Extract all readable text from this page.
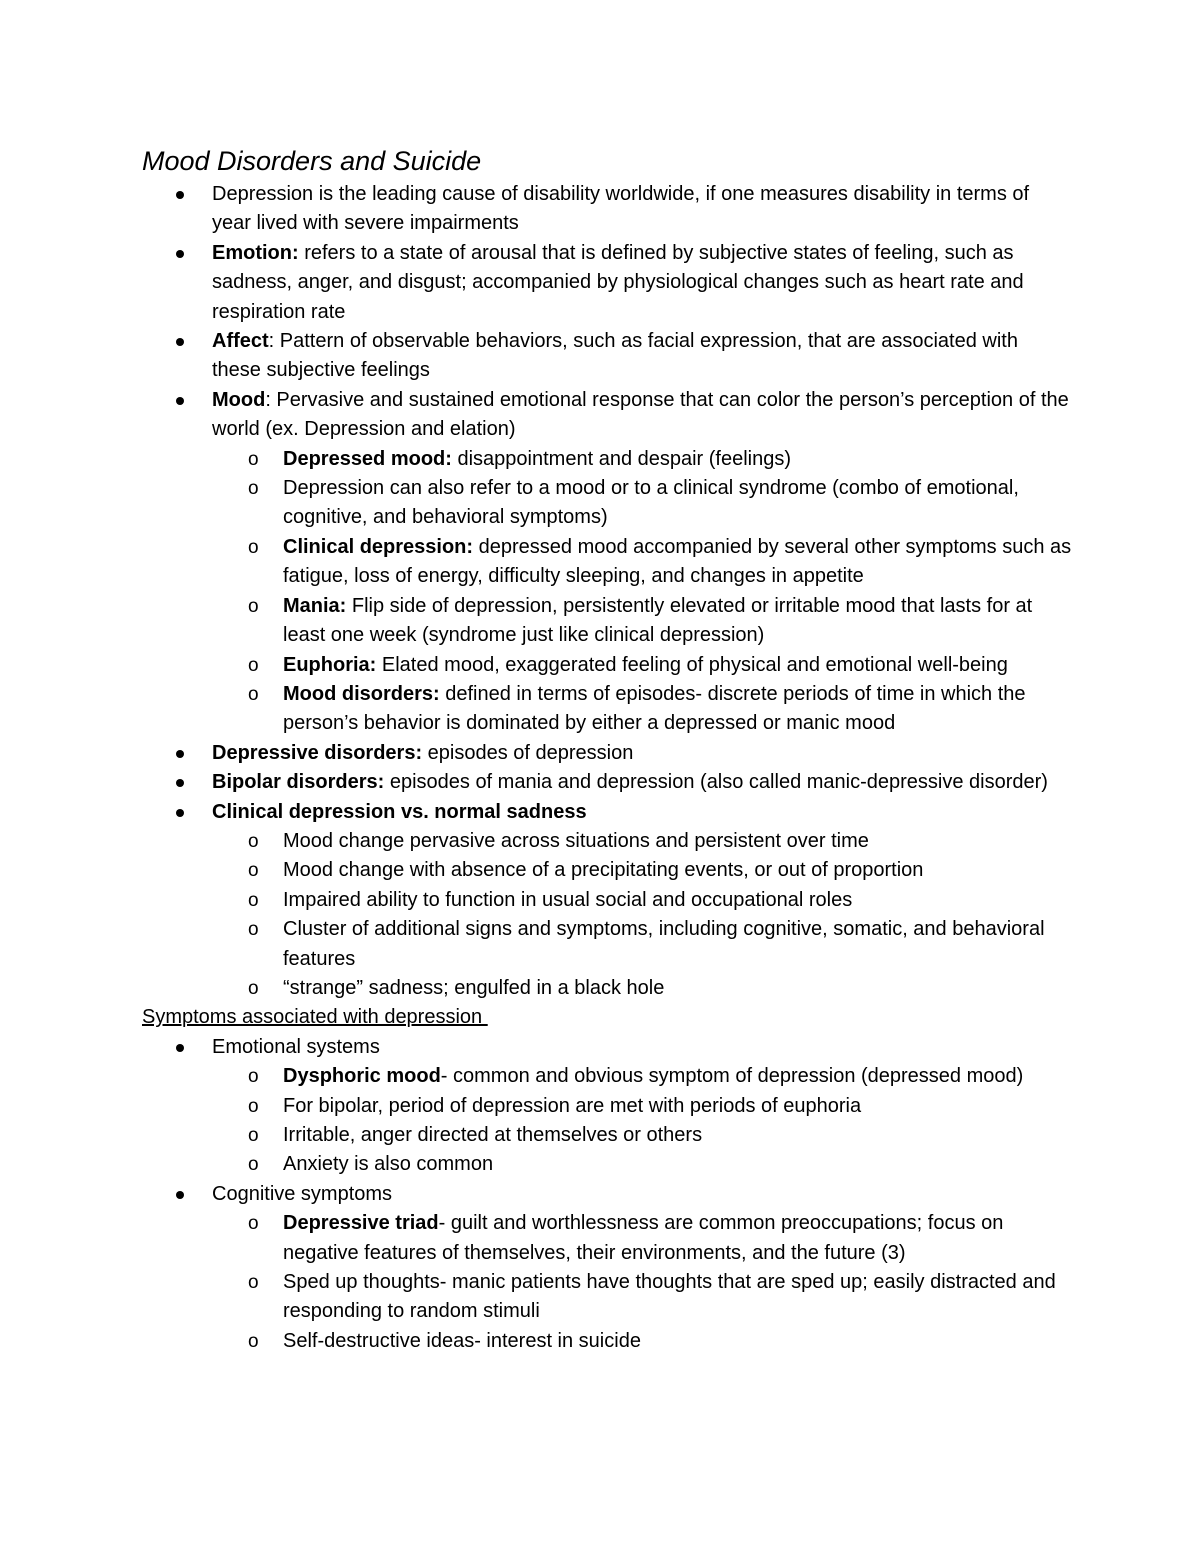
Mood Disorders and Suicide
Depression is the leading cause of disability worldwide, if one measures disability in terms of year lived with severe impairments
Emotion: refers to a state of arousal that is defined by subjective states of feeling, such as sadness, anger, and disgust; accompanied by physiological changes such as heart rate and respiration rate
Affect: Pattern of observable behaviors, such as facial expression, that are associated with these subjective feelings
Mood: Pervasive and sustained emotional response that can color the person’s perception of the world (ex. Depression and elation)
o Depressed mood: disappointment and despair (feelings)
o Depression can also refer to a mood or to a clinical syndrome (combo of emotional, cognitive, and behavioral symptoms)
o Clinical depression: depressed mood accompanied by several other symptoms such as fatigue, loss of energy, difficulty sleeping, and changes in appetite
o Mania: Flip side of depression, persistently elevated or irritable mood that lasts for at least one week (syndrome just like clinical depression)
o Euphoria: Elated mood, exaggerated feeling of physical and emotional well-being
o Mood disorders: defined in terms of episodes- discrete periods of time in which the person’s behavior is dominated by either a depressed or manic mood
Depressive disorders: episodes of depression
Bipolar disorders: episodes of mania and depression (also called manic-depressive disorder)
Clinical depression vs. normal sadness
o Mood change pervasive across situations and persistent over time
o Mood change with absence of a precipitating events, or out of proportion
o Impaired ability to function in usual social and occupational roles
o Cluster of additional signs and symptoms, including cognitive, somatic, and behavioral features
o “strange” sadness; engulfed in a black hole

Symptoms associated with depression

Emotional systems
o Dysphoric mood- common and obvious symptom of depression (depressed mood)
o For bipolar, period of depression are met with periods of euphoria
o Irritable, anger directed at themselves or others
o Anxiety is also common
Cognitive symptoms
o Depressive triad- guilt and worthlessness are common preoccupations; focus on negative features of themselves, their environments, and the future (3)
o Sped up thoughts- manic patients have thoughts that are sped up; easily distracted and responding to random stimuli
o Self-destructive ideas- interest in suicide
